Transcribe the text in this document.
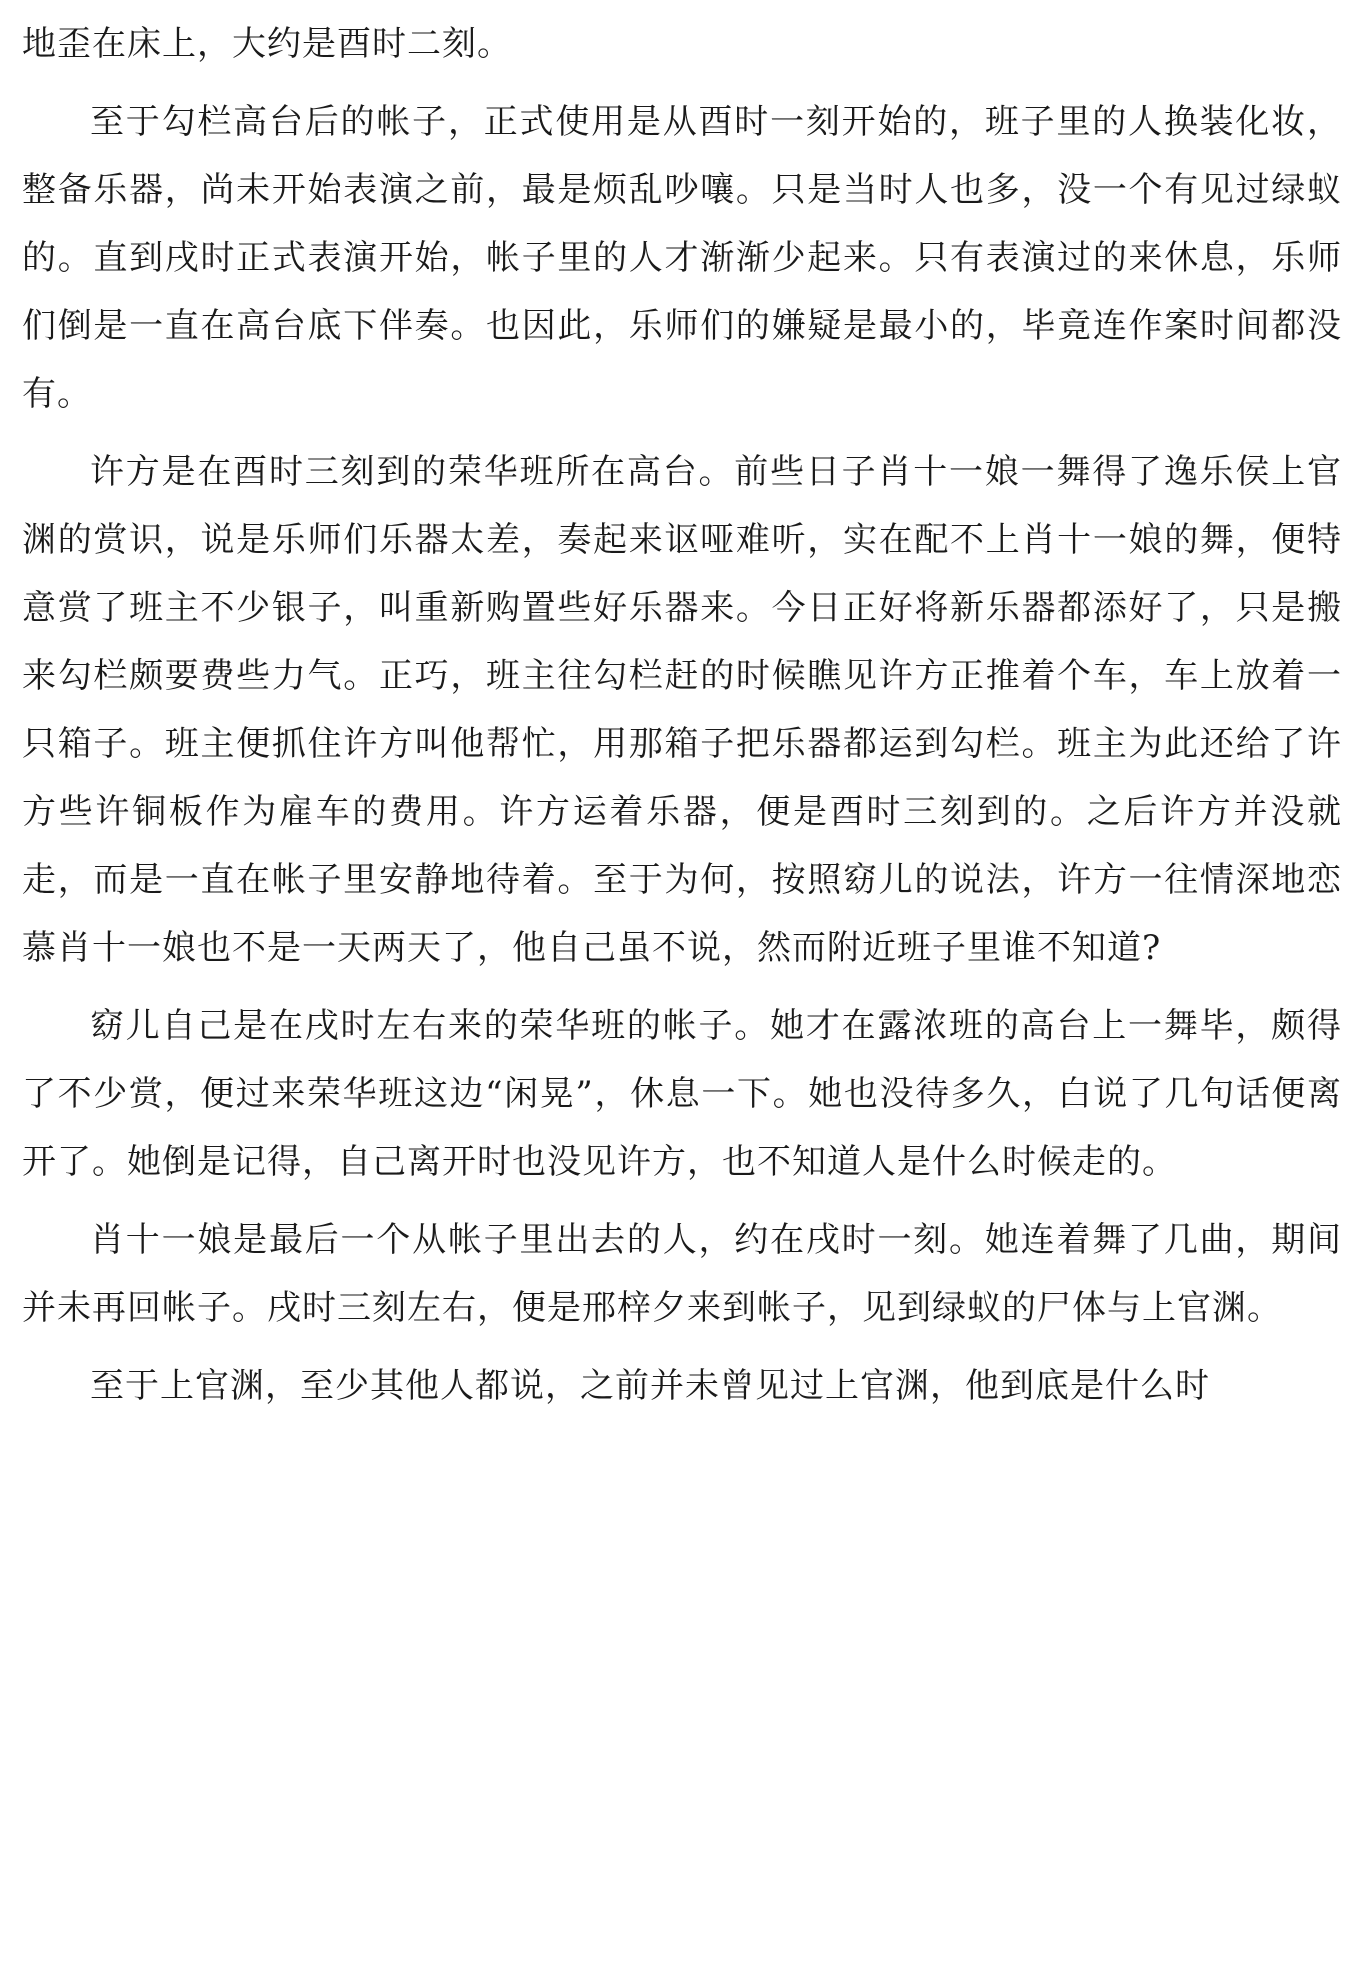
地歪在床上，大约是酉时二刻。

至于勾栏高台后的帐子，正式使用是从酉时一刻开始的，班子里的人换装化妆，整备乐器，尚未开始表演之前，最是烦乱吵嚷。只是当时人也多，没一个有见过绿蚁的。直到戌时正式表演开始，帐子里的人才渐渐少起来。只有表演过的来休息，乐师们倒是一直在高台底下伴奏。也因此，乐师们的嫌疑是最小的，毕竟连作案时间都没有。

许方是在酉时三刻到的荣华班所在高台。前些日子肖十一娘一舞得了逸乐侯上官渊的赏识，说是乐师们乐器太差，奏起来讴哑难听，实在配不上肖十一娘的舞，便特意赏了班主不少银子，叫重新购置些好乐器来。今日正好将新乐器都添好了，只是搬来勾栏颇要费些力气。正巧，班主往勾栏赶的时候瞧见许方正推着个车，车上放着一只箱子。班主便抓住许方叫他帮忙，用那箱子把乐器都运到勾栏。班主为此还给了许方些许铜板作为雇车的费用。许方运着乐器，便是酉时三刻到的。之后许方并没就走，而是一直在帐子里安静地待着。至于为何，按照窈儿的说法，许方一往情深地恋慕肖十一娘也不是一天两天了，他自己虽不说，然而附近班子里谁不知道?

窈儿自己是在戌时左右来的荣华班的帐子。她才在露浓班的高台上一舞毕，颇得了不少赏，便过来荣华班这边“闲晃”，休息一下。她也没待多久，白说了几句话便离开了。她倒是记得，自己离开时也没见许方，也不知道人是什么时候走的。

肖十一娘是最后一个从帐子里出去的人，约在戌时一刻。她连着舞了几曲，期间并未再回帐子。戌时三刻左右，便是邢梓夕来到帐子，见到绿蚁的尸体与上官渊。

至于上官渊，至少其他人都说，之前并未曾见过上官渊，他到底是什么时
